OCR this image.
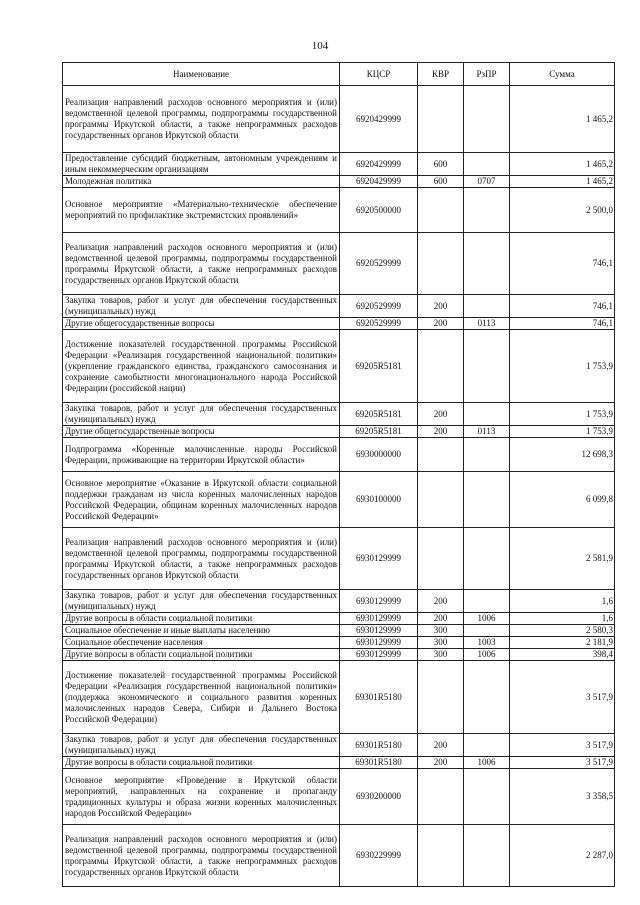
104
Наименование	КЦСР	КВР	РзПР	Сумма
Реализация направлений расходов основного мероприятия и (или) ведомственной целевой программы, подпрограммы государственной программы Иркутской области, а также непрограммных расходов государственных органов Иркутской области	6920429999			1 465,2
Предоставление субсидий бюджетным, автономным учреждениям и иным некоммерческим организациям	6920429999	600		1 465,2
Молодежная политика	6920429999	600	0707	1 465,2
Основное мероприятие «Материально-техническое обеспечение мероприятий по профилактике экстремистских проявлений»	6920500000			2 500,0
Реализация направлений расходов основного мероприятия и (или) ведомственной целевой программы, подпрограммы государственной программы Иркутской области, а также непрограммных расходов государственных органов Иркутской области	6920529999			746,1
Закупка товаров, работ и услуг для обеспечения государственных (муниципальных) нужд	6920529999	200		746,1
Другие общегосударственные вопросы	6920529999	200	0113	746,1
Достижение показателей государственной программы Российской Федерации «Реализация государственной национальной политики» (укрепление гражданского единства, гражданского самосознания и сохранение самобытности многонационального народа Российской Федерации (российской нации)	69205R5181			1 753,9
Закупка товаров, работ и услуг для обеспечения государственных (муниципальных) нужд	69205R5181	200		1 753,9
Другие общегосударственные вопросы	69205R5181	200	0113	1 753,9
Подпрограмма «Коренные малочисленные народы Российской Федерации, проживающие на территории Иркутской области»	6930000000			12 698,3
Основное мероприятие «Оказание в Иркутской области социальной поддержки гражданам из числа коренных малочисленных народов Российской Федерации, общинам коренных малочисленных народов Российской Федерации»	6930100000			6 099,8
Реализация направлений расходов основного мероприятия и (или) ведомственной целевой программы, подпрограммы государственной программы Иркутской области, а также непрограммных расходов государственных органов Иркутской области	6930129999			2 581,9
Закупка товаров, работ и услуг для обеспечения государственных (муниципальных) нужд	6930129999	200		1,6
Другие вопросы в области социальной политики	6930129999	200	1006	1,6
Социальное обеспечение и иные выплаты населению	6930129999	300		2 580,3
Социальное обеспечение населения	6930129999	300	1003	2 181,9
Другие вопросы в области социальной политики	6930129999	300	1006	398,4
Достижение показателей государственной программы Российской Федерации «Реализация государственной национальной политики» (поддержка экономического и социального развития коренных малочисленных народов Севера, Сибири и Дальнего Востока Российской Федерации)	69301R5180			3 517,9
Закупка товаров, работ и услуг для обеспечения государственных (муниципальных) нужд	69301R5180	200		3 517,9
Другие вопросы в области социальной политики	69301R5180	200	1006	3 517,9
Основное мероприятие «Проведение в Иркутской области мероприятий, направленных на сохранение и пропаганду традиционных культуры и образа жизни коренных малочисленных народов Российской Федерации»	6930200000			3 358,5
Реализация направлений расходов основного мероприятия и (или) ведомственной целевой программы, подпрограммы государственной программы Иркутской области, а также непрограммных расходов государственных органов Иркутской области	6930229999			2 287,0
